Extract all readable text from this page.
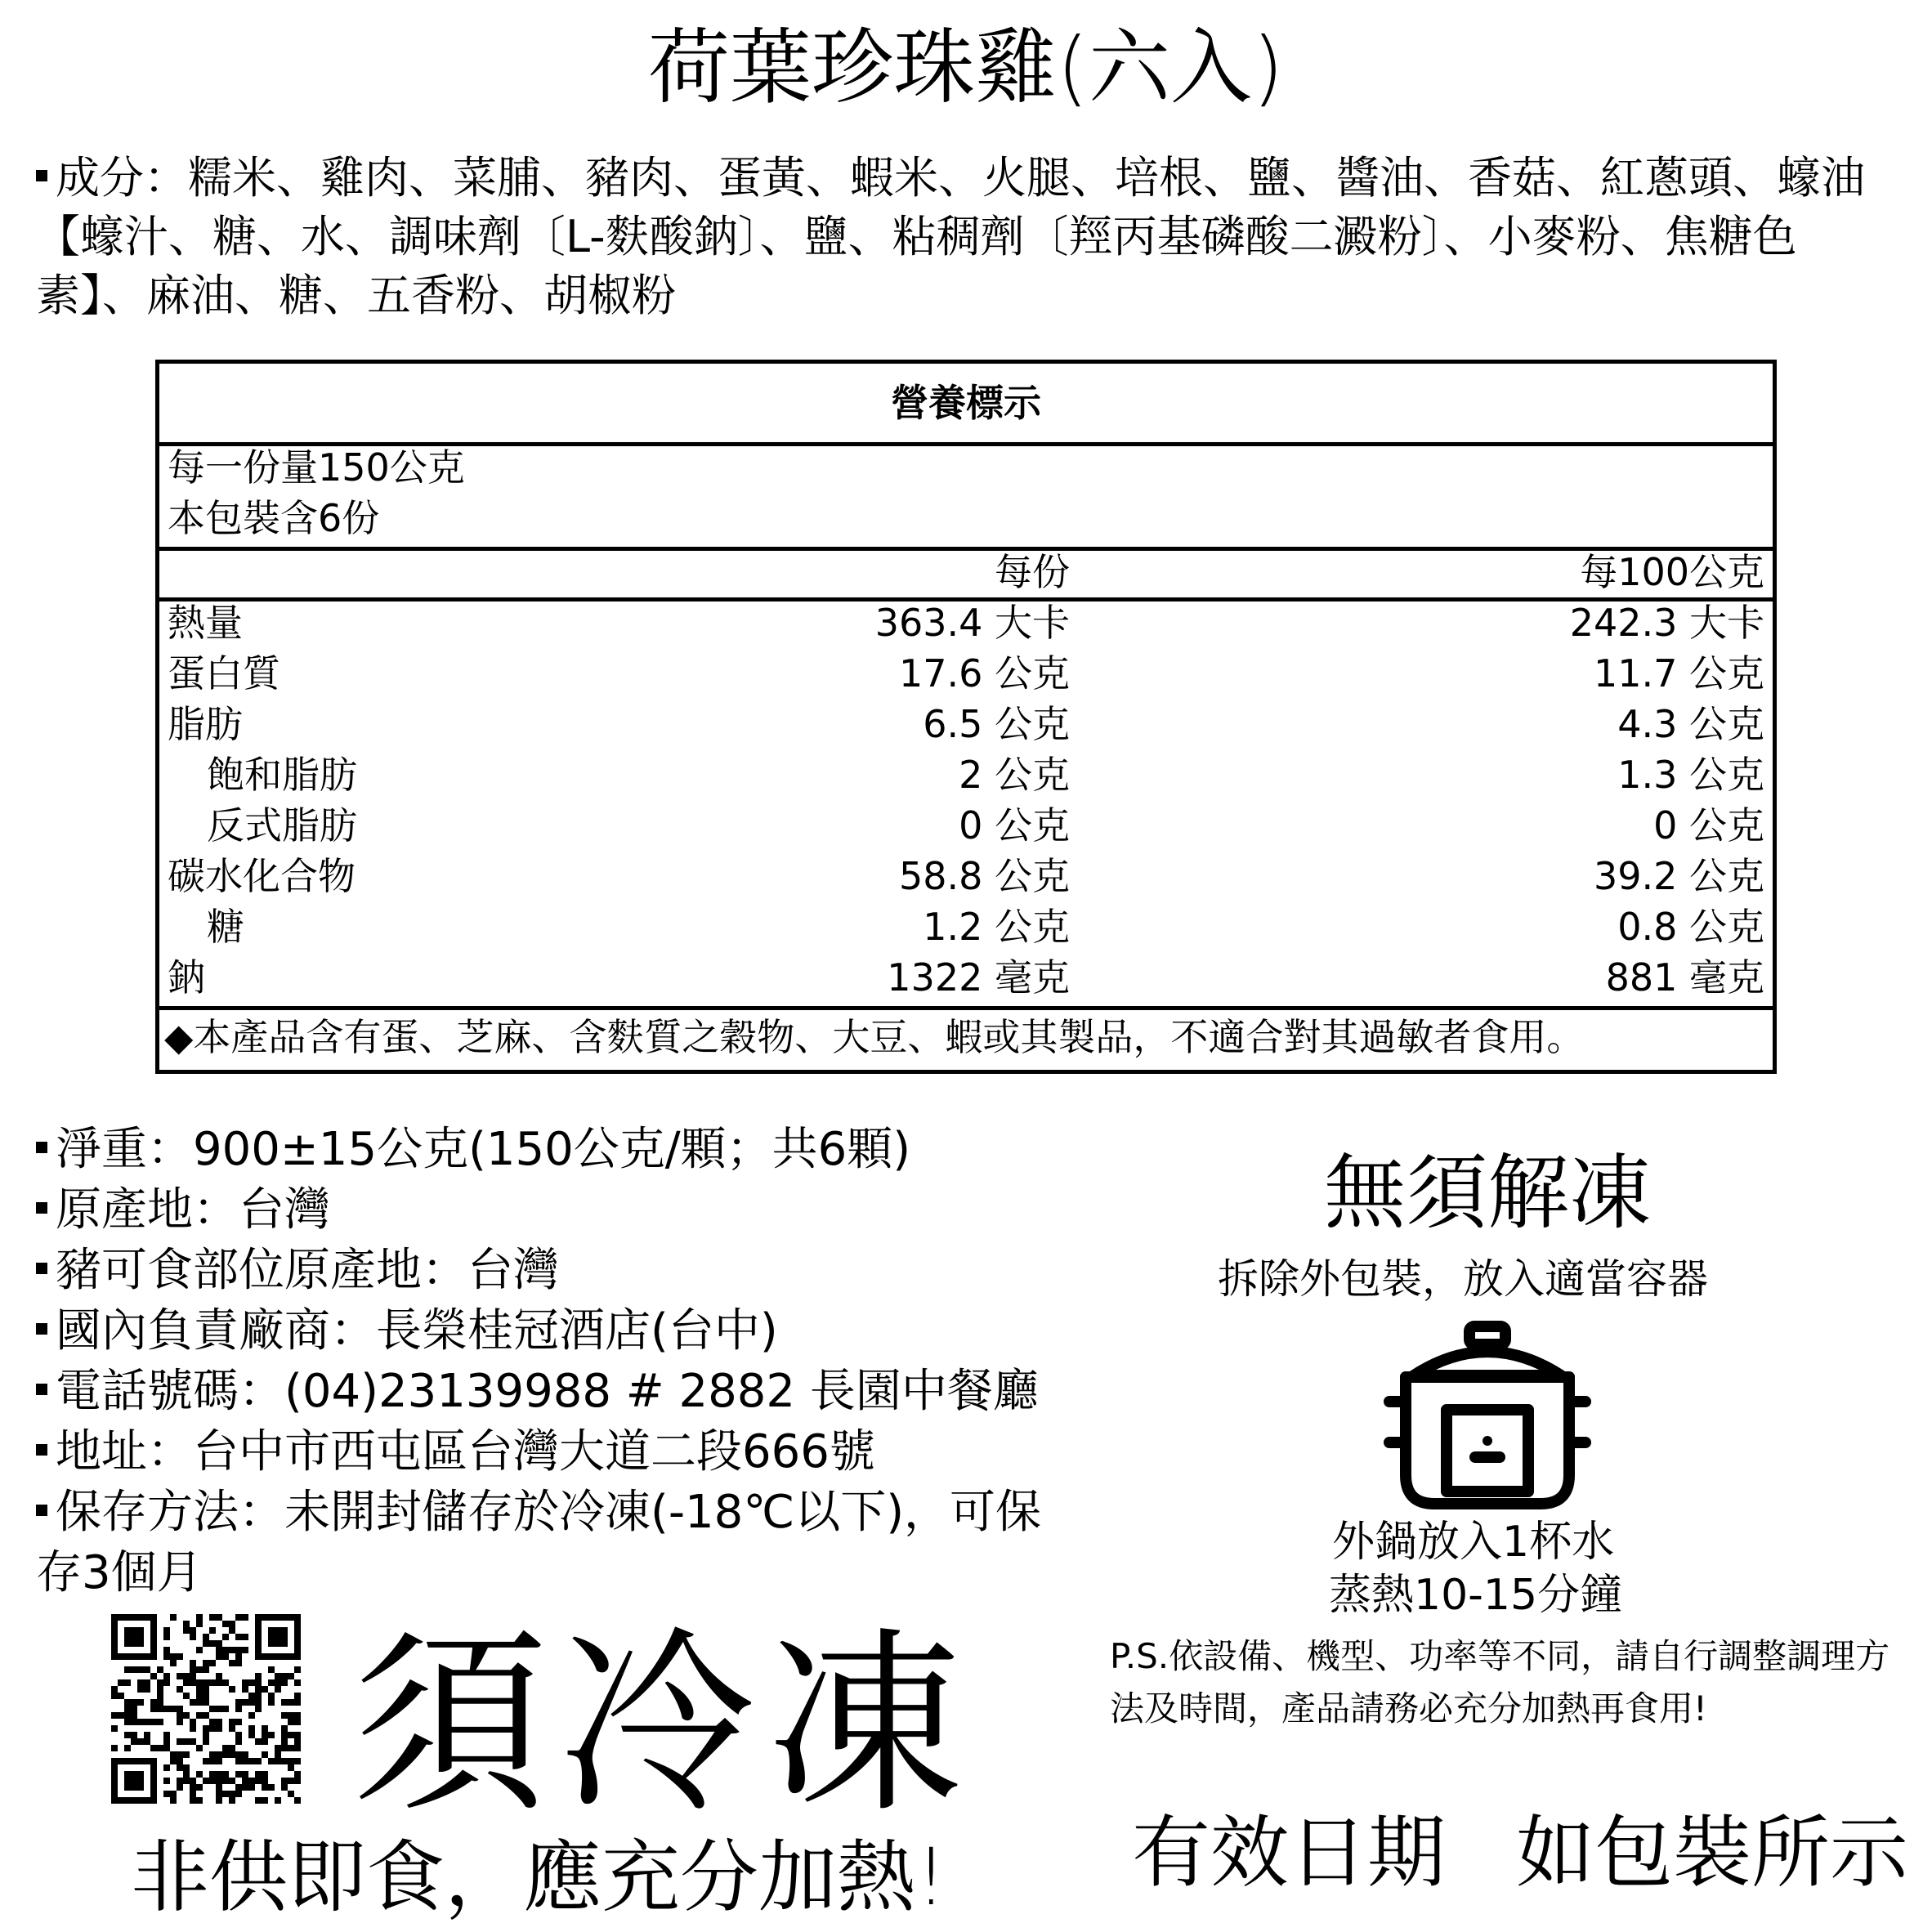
荷葉珍珠雞(六入)
成分：糯米、雞肉、菜脯、豬肉、蛋黃、蝦米、火腿、培根、鹽、醬油、香菇、紅蔥頭、蠔油【蠔汁、糖、水、調味劑〔L-麩酸鈉〕、鹽、粘稠劑〔羥丙基磷酸二澱粉〕、小麥粉、焦糖色素】、麻油、糖、五香粉、胡椒粉
營養標示
每一份量150公克
本包裝含6份
每份	每100公克
熱量	363.4 大卡	242.3 大卡
蛋白質	17.6 公克	11.7 公克
脂肪	6.5 公克	4.3 公克
飽和脂肪	2 公克	1.3 公克
反式脂肪	0 公克	0 公克
碳水化合物	58.8 公克	39.2 公克
糖	1.2 公克	0.8 公克
鈉	1322 毫克	881 毫克
◆本產品含有蛋、芝麻、含麩質之穀物、大豆、蝦或其製品，不適合對其過敏者食用。
淨重：900±15公克(150公克/顆；共6顆)
原產地：台灣
豬可食部位原產地：台灣
國內負責廠商：長榮桂冠酒店(台中)
電話號碼：(04)23139988 # 2882 長園中餐廳
地址：台中市西屯區台灣大道二段666號
保存方法：未開封儲存於冷凍(-18℃以下)，可保存3個月
無須解凍
拆除外包裝，放入適當容器
外鍋放入1杯水
蒸熱10-15分鐘
P.S.依設備、機型、功率等不同，請自行調整調理方法及時間，產品請務必充分加熱再食用!
須冷凍
非供即食，應充分加熱! 有效日期 如包裝所示
